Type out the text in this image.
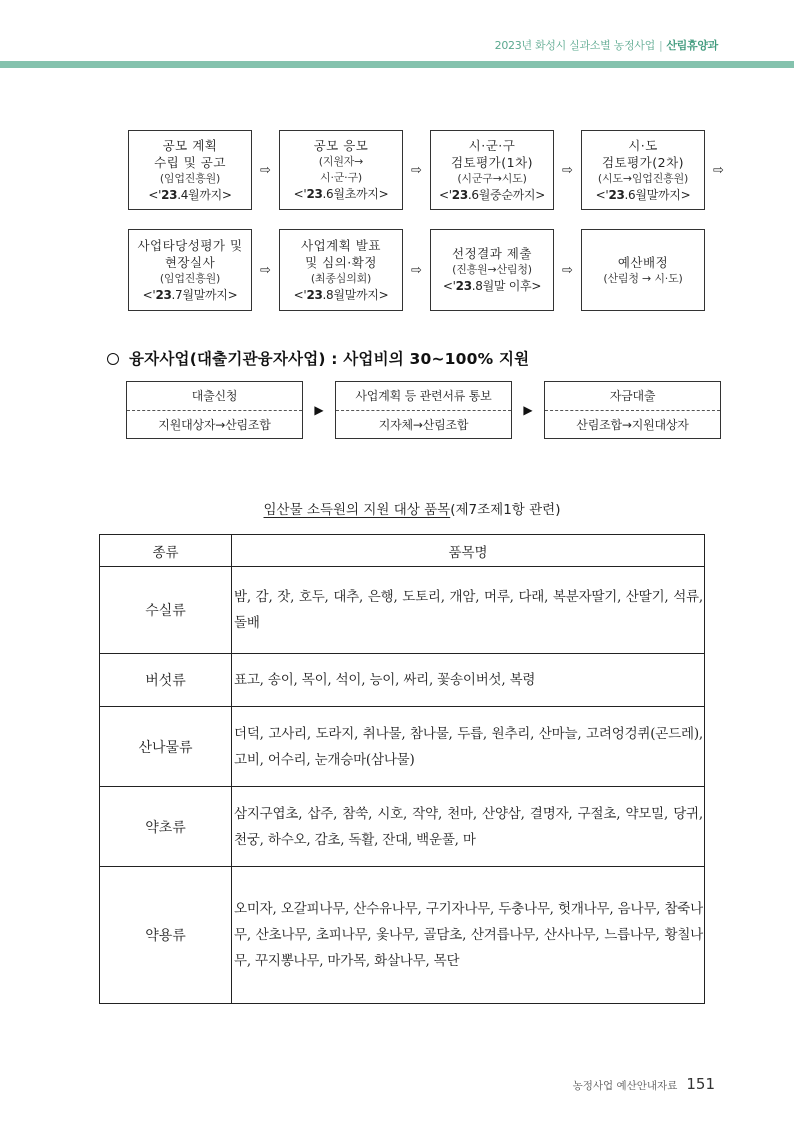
2023년 화성시 실과소별 농정사업 | 산림휴양과
공모 계획
수립 및 공고
(임업진흥원)
<'23.4월까지>
⇨
공모 응모
(지원자→
시·군·구)
<'23.6월초까지>
⇨
시·군·구
검토평가(1차)
(시군구→시도)
<'23.6월중순까지>
⇨
시·도
검토평가(2차)
(시도→임업진흥원)
<'23.6월말까지>
⇨
사업타당성평가 및
현장실사
(임업진흥원)
<'23.7월말까지>
⇨
사업계획 발표
및 심의·확정
(최종심의회)
<'23.8월말까지>
⇨
선정결과 제출
(진흥원→산림청)
<'23.8월말 이후>
⇨
예산배정
(산림청 → 시·도)
융자사업(대출기관융자사업) : 사업비의 30~100% 지원
대출신청
지원대상자→산림조합
▶
사업계획 등 관련서류 통보
지자체→산림조합
▶
자금대출
산림조합→지원대상자
임산물 소득원의 지원 대상 품목(제7조제1항 관련)
종류	품목명
수실류	밤, 감, 잣, 호두, 대추, 은행, 도토리, 개암, 머루, 다래, 복분자딸기, 산딸기, 석류, 돌배
버섯류	표고, 송이, 목이, 석이, 능이, 싸리, 꽃송이버섯, 복령
산나물류	더덕, 고사리, 도라지, 취나물, 참나물, 두릅, 원추리, 산마늘, 고려엉겅퀴(곤드레), 고비, 어수리, 눈개승마(삼나물)
약초류	삼지구엽초, 삽주, 참쑥, 시호, 작약, 천마, 산양삼, 결명자, 구절초, 약모밀, 당귀, 천궁, 하수오, 감초, 독활, 잔대, 백운풀, 마
약용류	오미자, 오갈피나무, 산수유나무, 구기자나무, 두충나무, 헛개나무, 음나무, 참죽나무, 산초나무, 초피나무, 옻나무, 골담초, 산겨릅나무, 산사나무, 느릅나무, 황칠나무, 꾸지뽕나무, 마가목, 화살나무, 목단
농정사업 예산안내자료 151
